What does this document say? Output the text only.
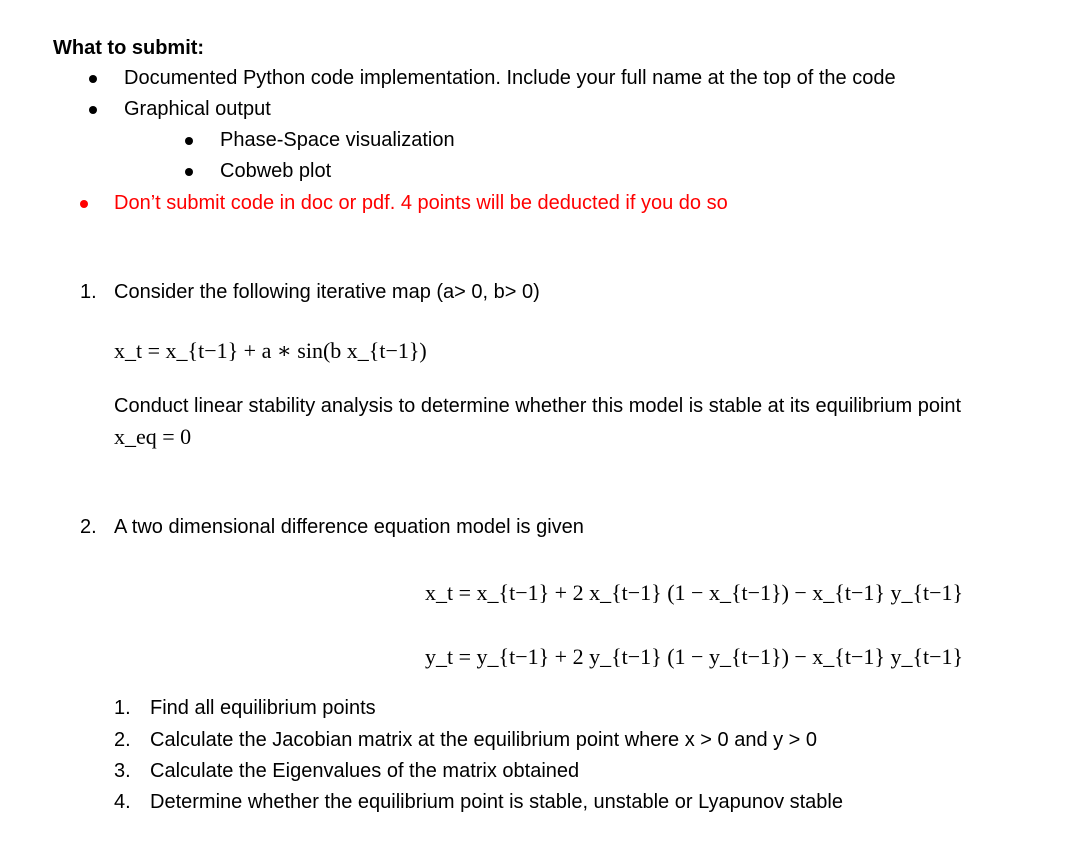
What to submit:
Documented Python code implementation. Include your full name at the top of the code
Graphical output
Phase-Space visualization
Cobweb plot
Don’t submit code in doc or pdf. 4 points will be deducted if you do so
1. Consider the following iterative map (a> 0, b> 0)
x_t = x_{t−1} + a ∗ sin(b x_{t−1})
Conduct linear stability analysis to determine whether this model is stable at its equilibrium point
x_eq = 0
2. A two dimensional difference equation model is given
x_t = x_{t−1} + 2 x_{t−1} (1 − x_{t−1}) − x_{t−1} y_{t−1}
y_t = y_{t−1} + 2 y_{t−1} (1 − y_{t−1}) − x_{t−1} y_{t−1}
1. Find all equilibrium points
2. Calculate the Jacobian matrix at the equilibrium point where x > 0 and y > 0
3. Calculate the Eigenvalues of the matrix obtained
4. Determine whether the equilibrium point is stable, unstable or Lyapunov stable
